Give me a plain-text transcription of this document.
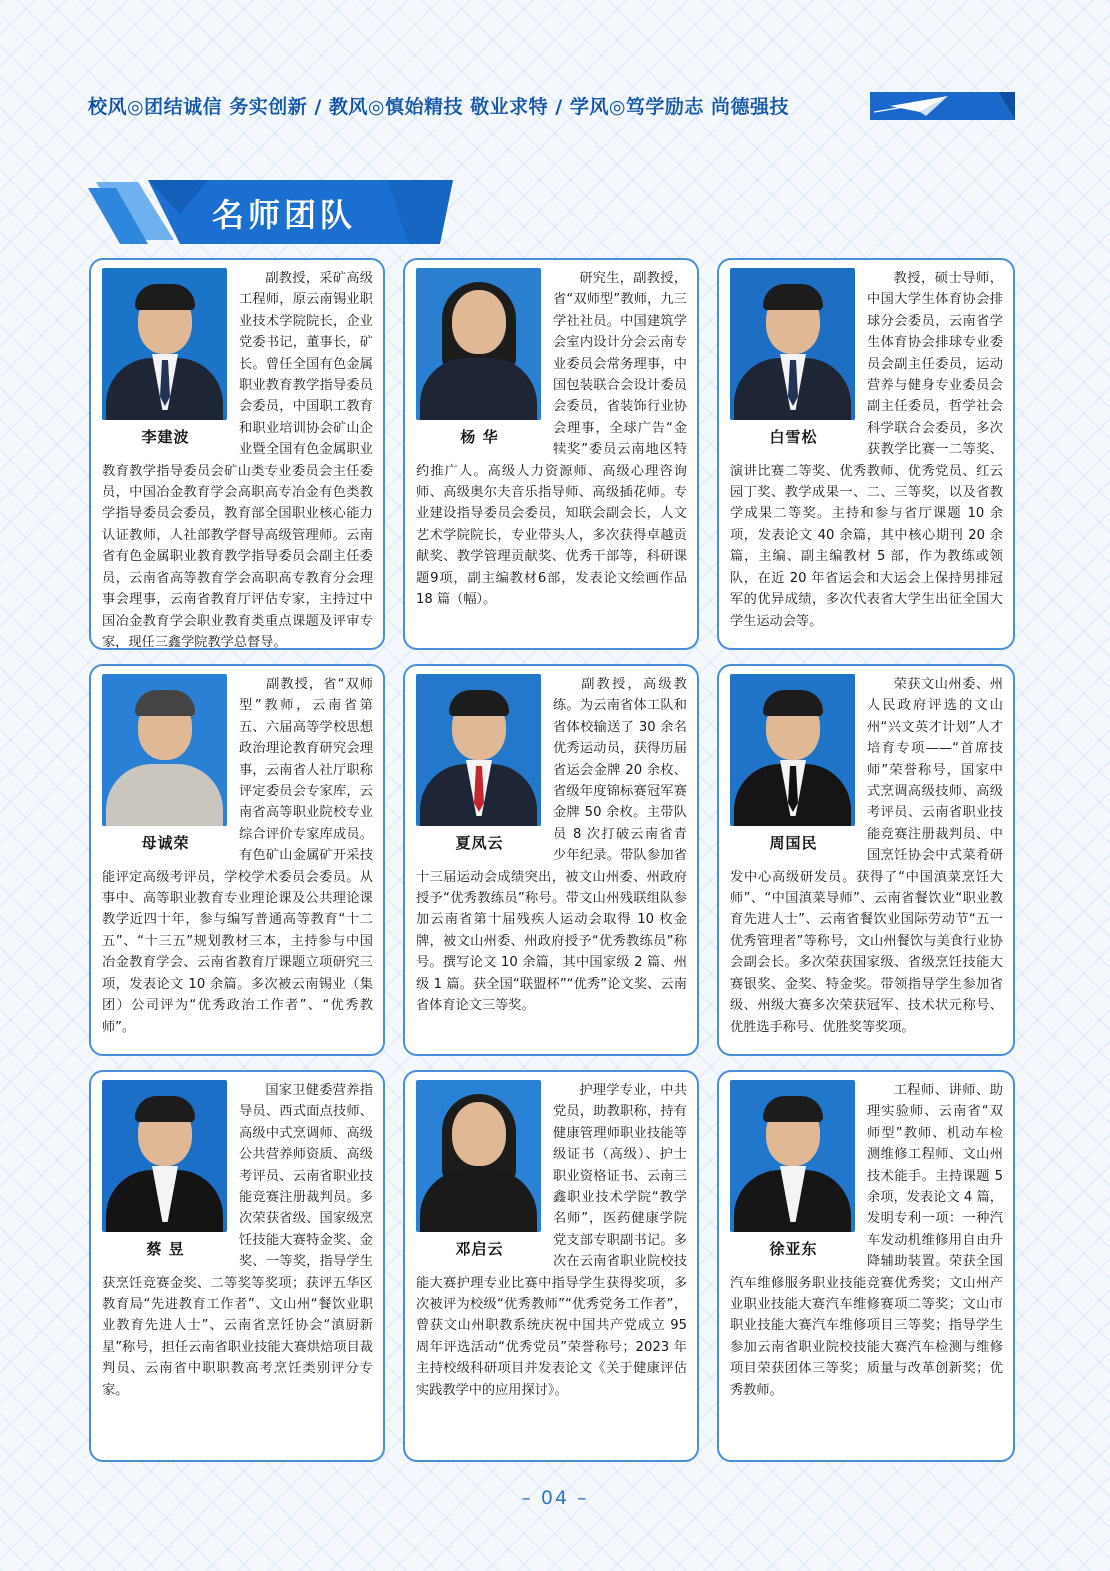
校风◎团结诚信 务实创新 / 教风◎慎始精技 敬业求特 / 学风◎笃学励志 尚德强技
名师团队
李建波
副教授，采矿高级工程师，原云南锡业职业技术学院院长，企业党委书记，董事长，矿长。曾任全国有色金属职业教育教学指导委员会委员，中国职工教育和职业培训协会矿山企业暨全国有色金属职业教育教学指导委员会矿山类专业委员会主任委员，中国冶金教育学会高职高专冶金有色类教学指导委员会委员，教育部全国职业核心能力认证教师，人社部教学督导高级管理师。云南省有色金属职业教育教学指导委员会副主任委员，云南省高等教育学会高职高专教育分会理事会理事，云南省教育厅评估专家，主持过中国冶金教育学会职业教育类重点课题及评审专家，现任三鑫学院教学总督导。
杨 华
研究生，副教授，省“双师型”教师，九三学社社员。中国建筑学会室内设计分会云南专业委员会常务理事，中国包装联合会设计委员会委员，省装饰行业协会理事，全球广告“金犊奖”委员云南地区特约推广人。高级人力资源师、高级心理咨询师、高级奥尔夫音乐指导师、高级插花师。专业建设指导委员会委员，知联会副会长，人文艺术学院院长，专业带头人，多次获得卓越贡献奖、教学管理贡献奖、优秀干部等，科研课题9项，副主编教材6部，发表论文绘画作品 18 篇（幅）。
白雪松
教授，硕士导师，中国大学生体育协会排球分会委员，云南省学生体育协会排球专业委员会副主任委员，运动营养与健身专业委员会副主任委员，哲学社会科学联合会委员，多次获教学比赛一二等奖、演讲比赛二等奖、优秀教师、优秀党员、红云园丁奖、教学成果一、二、三等奖，以及省教学成果二等奖。主持和参与省厅课题 10 余项，发表论文 40 余篇，其中核心期刊 20 余篇，主编、副主编教材 5 部，作为教练或领队，在近 20 年省运会和大运会上保持男排冠军的优异成绩，多次代表省大学生出征全国大学生运动会等。
母诚荣
副教授，省“双师型”教师，云南省第五、六届高等学校思想政治理论教育研究会理事，云南省人社厅职称评定委员会专家库，云南省高等职业院校专业综合评价专家库成员。有色矿山金属矿开采技能评定高级考评员，学校学术委员会委员。从事中、高等职业教育专业理论课及公共理论课教学近四十年，参与编写普通高等教育“十二五”、“十三五”规划教材三本，主持参与中国冶金教育学会、云南省教育厅课题立项研究三项，发表论文 10 余篇。多次被云南锡业（集团）公司评为“优秀政治工作者”、“优秀教师”。
夏凤云
副教授，高级教练。为云南省体工队和省体校输送了 30 余名优秀运动员，获得历届省运会金牌 20 余枚、省级年度锦标赛冠军赛金牌 50 余枚。主带队员 8 次打破云南省青少年纪录。带队参加省十三届运动会成绩突出，被文山州委、州政府授予“优秀教练员”称号。带文山州残联组队参加云南省第十届残疾人运动会取得 10 枚金牌，被文山州委、州政府授予“优秀教练员”称号。撰写论文 10 余篇，其中国家级 2 篇、州级 1 篇。获全国“联盟杯”“优秀”论文奖、云南省体育论文三等奖。
周国民
荣获文山州委、州人民政府评选的文山州“兴文英才计划”人才培育专项——“首席技师”荣誉称号，国家中式烹调高级技师、高级考评员、云南省职业技能竞赛注册裁判员、中国烹饪协会中式菜肴研发中心高级研发员。获得了“中国滇菜烹饪大师”、“中国滇菜导师”、云南省餐饮业“职业教育先进人士”、云南省餐饮业国际劳动节“五一优秀管理者”等称号，文山州餐饮与美食行业协会副会长。多次荣获国家级、省级烹饪技能大赛银奖、金奖、特金奖。带领指导学生参加省级、州级大赛多次荣获冠军、技术状元称号、优胜选手称号、优胜奖等奖项。
蔡 昱
国家卫健委营养指导员、西式面点技师、高级中式烹调师、高级公共营养师资质、高级考评员、云南省职业技能竞赛注册裁判员。多次荣获省级、国家级烹饪技能大赛特金奖、金奖、一等奖，指导学生获烹饪竞赛金奖、二等奖等奖项；获评五华区教育局“先进教育工作者”、文山州“餐饮业职业教育先进人士”、云南省烹饪协会“滇厨新星”称号，担任云南省职业技能大赛烘焙项目裁判员、云南省中职职教高考烹饪类别评分专家。
邓启云
护理学专业，中共党员，助教职称，持有健康管理师职业技能等级证书（高级）、护士职业资格证书、云南三鑫职业技术学院“教学名师”，医药健康学院党支部专职副书记。多次在云南省职业院校技能大赛护理专业比赛中指导学生获得奖项，多次被评为校级“优秀教师”“优秀党务工作者”，曾获文山州职教系统庆祝中国共产党成立 95 周年评选活动“优秀党员”荣誉称号；2023 年主持校级科研项目并发表论文《关于健康评估实践教学中的应用探讨》。
徐亚东
工程师、讲师、助理实验师、云南省“双师型”教师、机动车检测维修工程师、文山州技术能手。主持课题 5 余项，发表论文 4 篇，发明专利一项：一种汽车发动机维修用自由升降辅助装置。荣获全国汽车维修服务职业技能竞赛优秀奖；文山州产业职业技能大赛汽车维修赛项二等奖；文山市职业技能大赛汽车维修项目三等奖；指导学生参加云南省职业院校技能大赛汽车检测与维修项目荣获团体三等奖；质量与改革创新奖；优秀教师。
– 04 –
